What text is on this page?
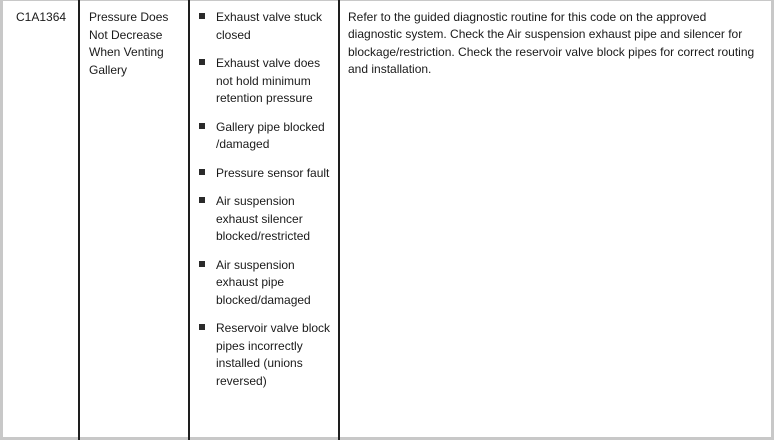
C1A1364	Pressure Does Not Decrease When Venting Gallery
Exhaust valve stuck closed
Exhaust valve does not hold minimum retention pressure
Gallery pipe blocked /damaged
Pressure sensor fault
Air suspension exhaust silencer blocked/restricted
Air suspension exhaust pipe blocked/damaged
Reservoir valve block pipes incorrectly installed (unions reversed)
Refer to the guided diagnostic routine for this code on the approved diagnostic system. Check the Air suspension exhaust pipe and silencer for blockage/restriction. Check the reservoir valve block pipes for correct routing and installation.
